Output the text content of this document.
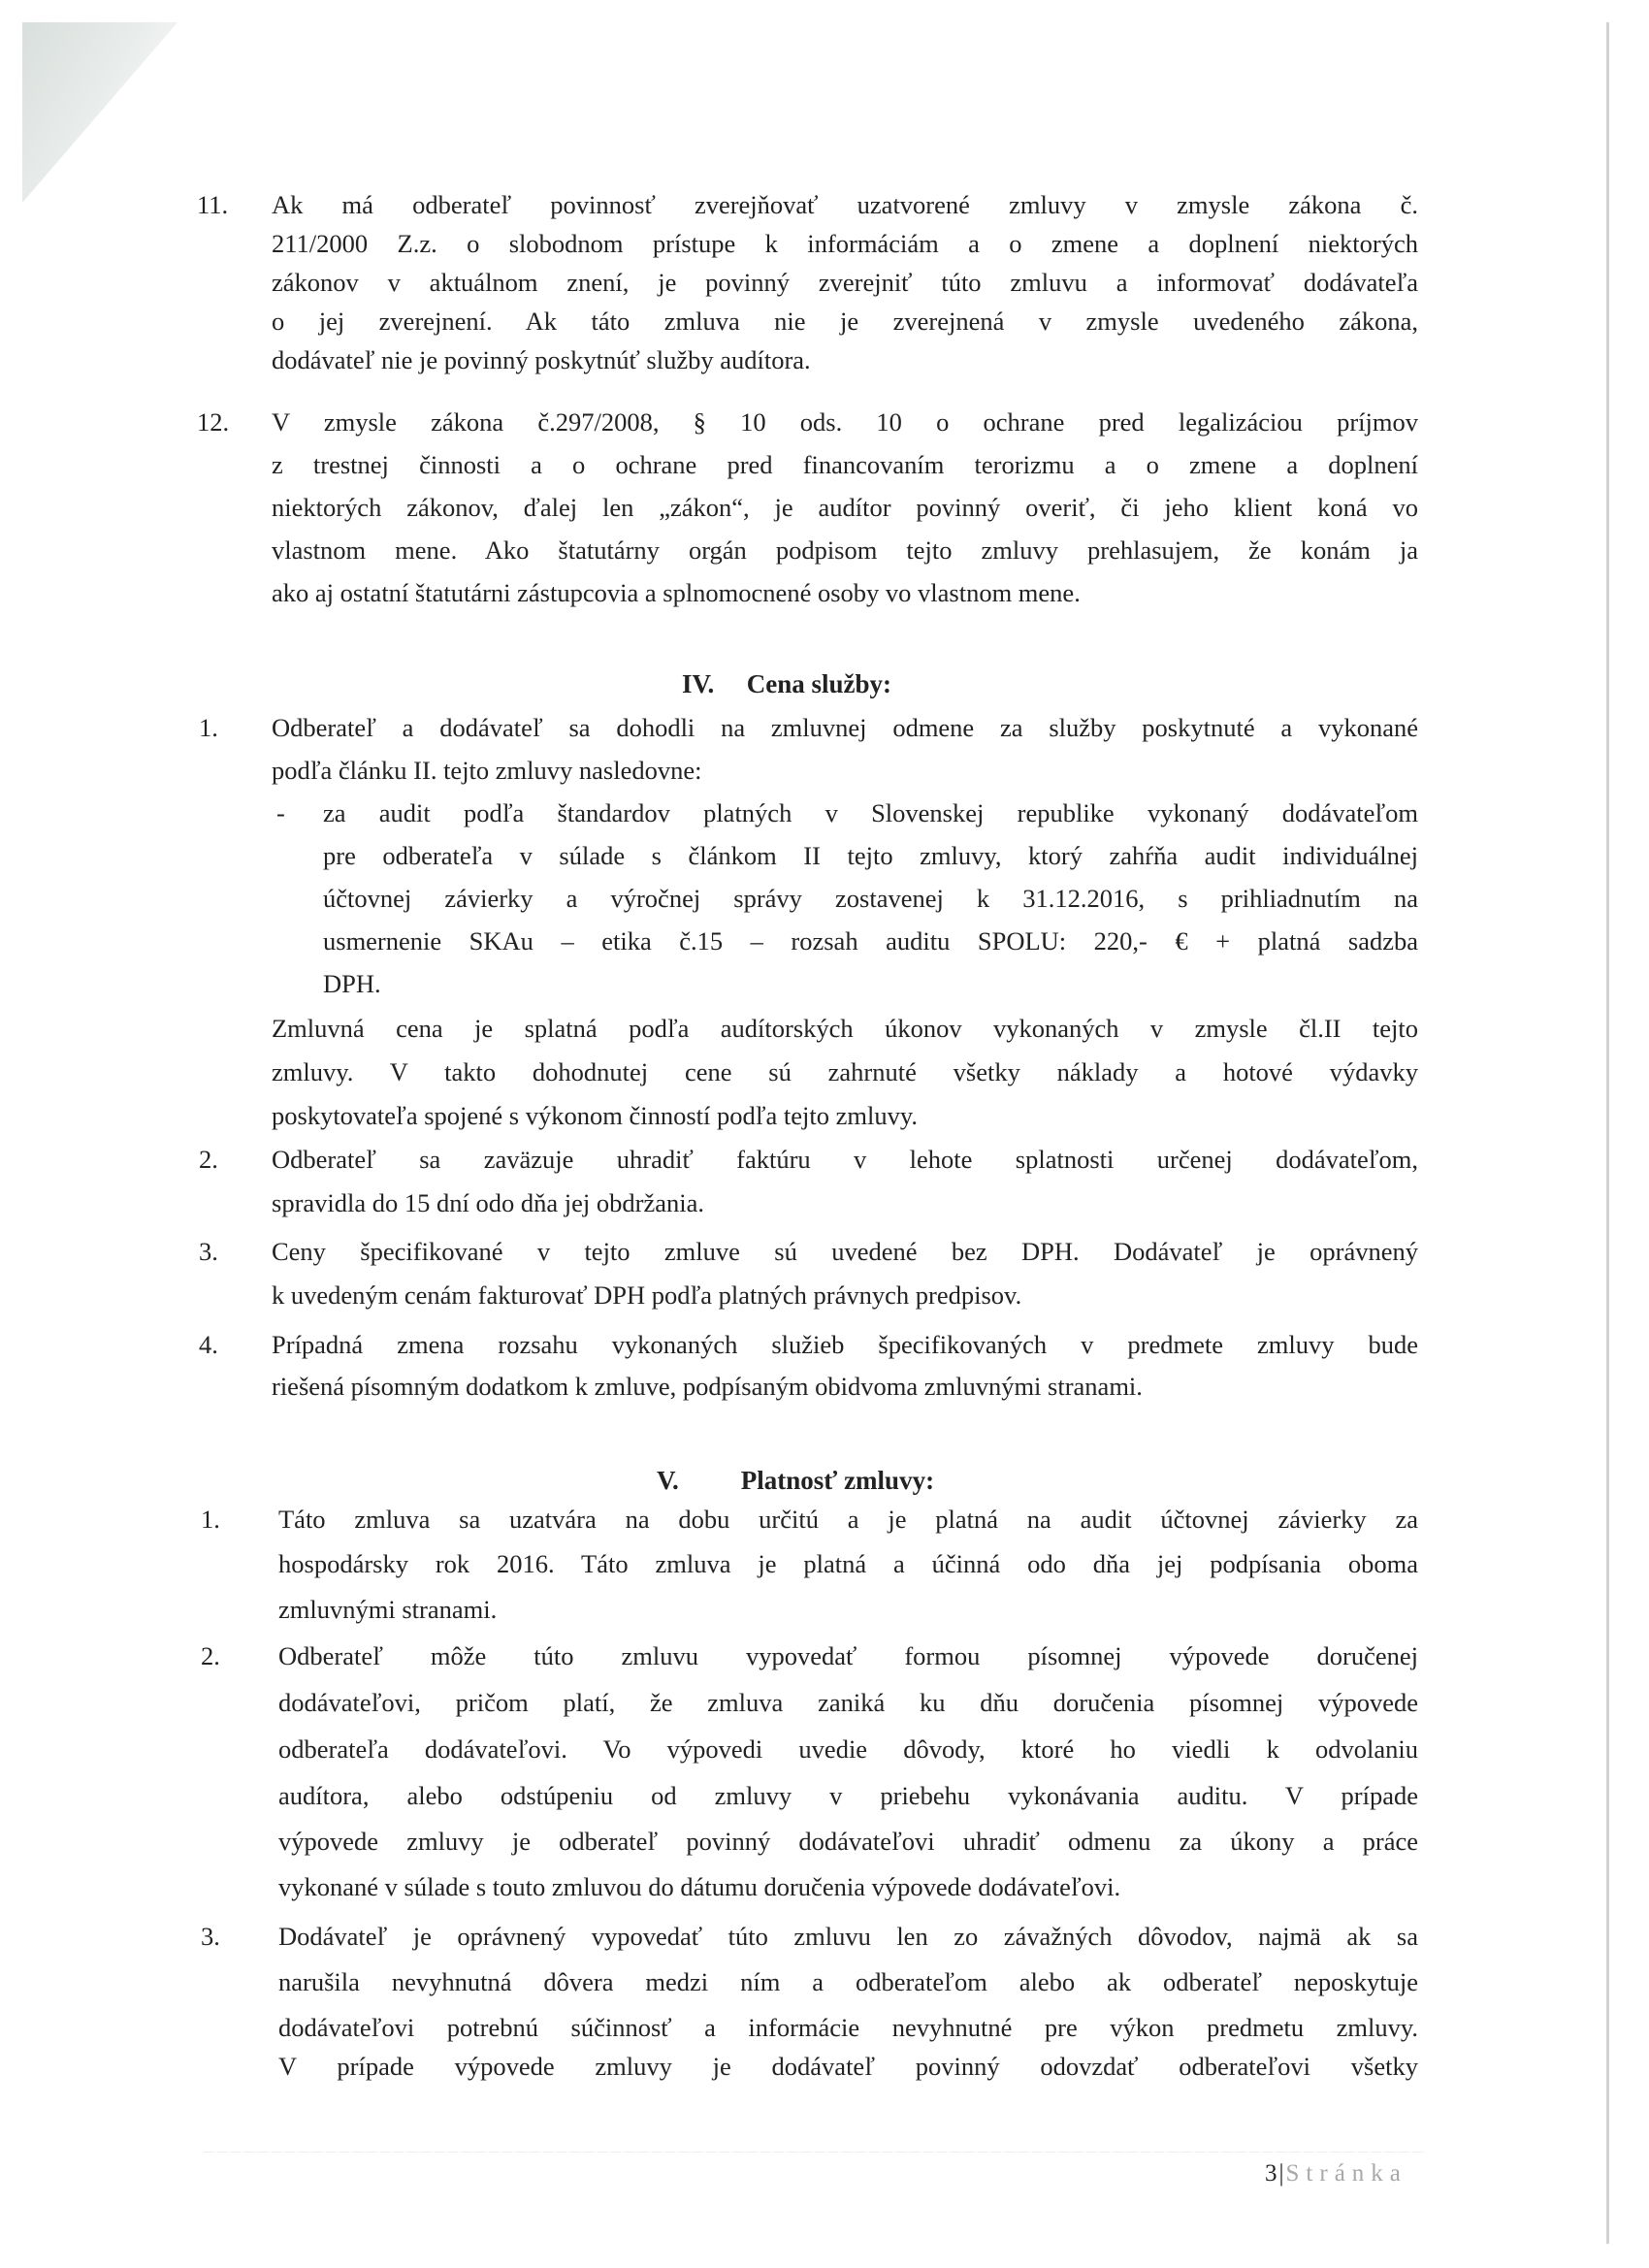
11. Ak má odberateľ povinnosť zverejňovať uzatvorené zmluvy v zmysle zákona č.
211/2000 Z.z. o slobodnom prístupe k informáciám a o zmene a doplnení niektorých
zákonov v aktuálnom znení, je povinný zverejniť túto zmluvu a informovať dodávateľa
o jej zverejnení. Ak táto zmluva nie je zverejnená v zmysle uvedeného zákona,
dodávateľ nie je povinný poskytnúť služby audítora.
12. V zmysle zákona č.297/2008, § 10 ods. 10 o ochrane pred legalizáciou príjmov
z trestnej činnosti a o ochrane pred financovaním terorizmu a o zmene a doplnení
niektorých zákonov, ďalej len „zákon“, je audítor povinný overiť, či jeho klient koná vo
vlastnom mene. Ako štatutárny orgán podpisom tejto zmluvy prehlasujem, že konám ja
ako aj ostatní štatutárni zástupcovia a splnomocnené osoby vo vlastnom mene.
IV. Cena služby:
1. Odberateľ a dodávateľ sa dohodli na zmluvnej odmene za služby poskytnuté a vykonané
podľa článku II. tejto zmluvy nasledovne:
- za audit podľa štandardov platných v Slovenskej republike vykonaný dodávateľom
pre odberateľa v súlade s článkom II tejto zmluvy, ktorý zahŕňa audit individuálnej
účtovnej závierky a výročnej správy zostavenej k 31.12.2016, s prihliadnutím na
usmernenie SKAu – etika č.15 – rozsah auditu SPOLU: 220,- € + platná sadzba
DPH.
Zmluvná cena je splatná podľa audítorských úkonov vykonaných v zmysle čl.II tejto
zmluvy. V takto dohodnutej cene sú zahrnuté všetky náklady a hotové výdavky
poskytovateľa spojené s výkonom činností podľa tejto zmluvy.
2. Odberateľ sa zaväzuje uhradiť faktúru v lehote splatnosti určenej dodávateľom,
spravidla do 15 dní odo dňa jej obdržania.
3. Ceny špecifikované v tejto zmluve sú uvedené bez DPH. Dodávateľ je oprávnený
k uvedeným cenám fakturovať DPH podľa platných právnych predpisov.
4. Prípadná zmena rozsahu vykonaných služieb špecifikovaných v predmete zmluvy bude
riešená písomným dodatkom k zmluve, podpísaným obidvoma zmluvnými stranami.
V. Platnosť zmluvy:
1. Táto zmluva sa uzatvára na dobu určitú a je platná na audit účtovnej závierky za
hospodársky rok 2016. Táto zmluva je platná a účinná odo dňa jej podpísania oboma
zmluvnými stranami.
2. Odberateľ môže túto zmluvu vypovedať formou písomnej výpovede doručenej
dodávateľovi, pričom platí, že zmluva zaniká ku dňu doručenia písomnej výpovede
odberateľa dodávateľovi. Vo výpovedi uvedie dôvody, ktoré ho viedli k odvolaniu
audítora, alebo odstúpeniu od zmluvy v priebehu vykonávania auditu. V prípade
výpovede zmluvy je odberateľ povinný dodávateľovi uhradiť odmenu za úkony a práce
vykonané v súlade s touto zmluvou do dátumu doručenia výpovede dodávateľovi.
3. Dodávateľ je oprávnený vypovedať túto zmluvu len zo závažných dôvodov, najmä ak sa
narušila nevyhnutná dôvera medzi ním a odberateľom alebo ak odberateľ neposkytuje
dodávateľovi potrebnú súčinnosť a informácie nevyhnutné pre výkon predmetu zmluvy.
V prípade výpovede zmluvy je dodávateľ povinný odovzdať odberateľovi všetky
3|Stránka
